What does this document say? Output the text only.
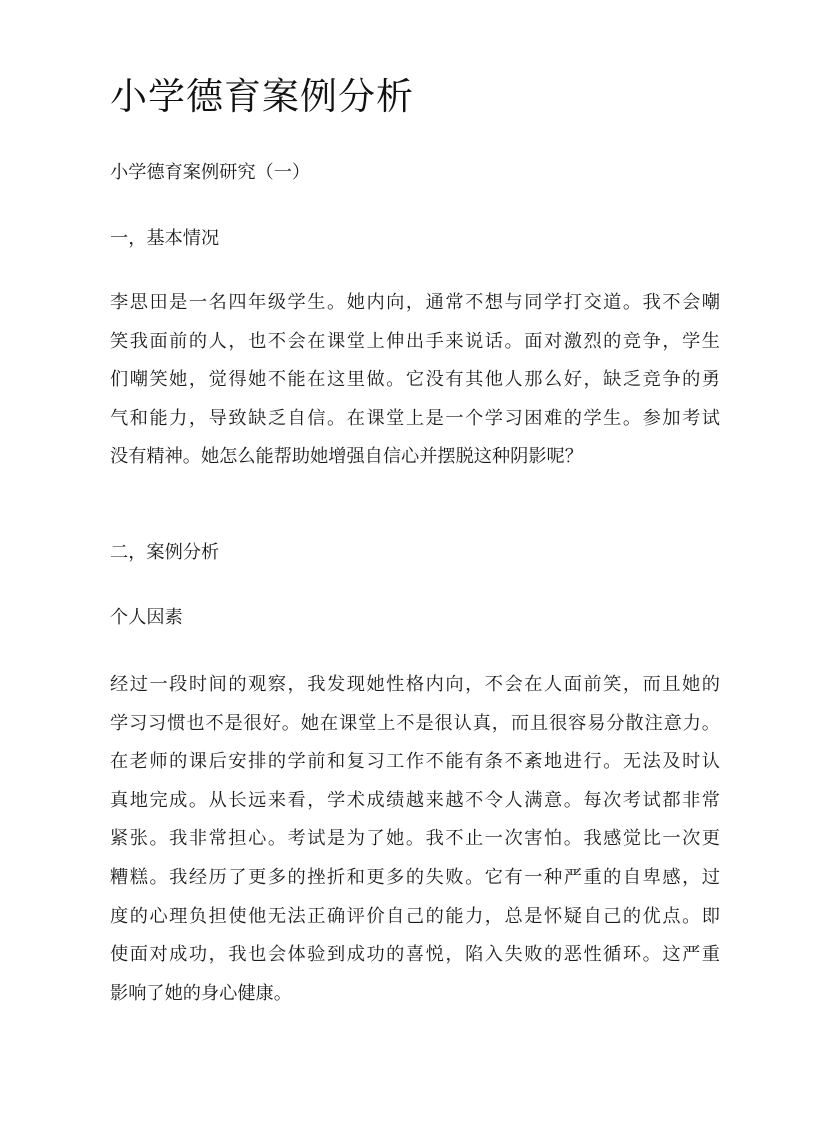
小学德育案例分析

小学德育案例研究（一）

一，基本情况

李思田是一名四年级学生。她内向，通常不想与同学打交道。我不会嘲
笑我面前的人，也不会在课堂上伸出手来说话。面对激烈的竞争，学生
们嘲笑她，觉得她不能在这里做。它没有其他人那么好，缺乏竞争的勇
气和能力，导致缺乏自信。在课堂上是一个学习困难的学生。参加考试
没有精神。她怎么能帮助她增强自信心并摆脱这种阴影呢？

二，案例分析

个人因素

经过一段时间的观察，我发现她性格内向，不会在人面前笑，而且她的
学习习惯也不是很好。她在课堂上不是很认真，而且很容易分散注意力。
在老师的课后安排的学前和复习工作不能有条不紊地进行。无法及时认
真地完成。从长远来看，学术成绩越来越不令人满意。每次考试都非常
紧张。我非常担心。考试是为了她。我不止一次害怕。我感觉比一次更
糟糕。我经历了更多的挫折和更多的失败。它有一种严重的自卑感，过
度的心理负担使他无法正确评价自己的能力，总是怀疑自己的优点。即
使面对成功，我也会体验到成功的喜悦，陷入失败的恶性循环。这严重
影响了她的身心健康。
